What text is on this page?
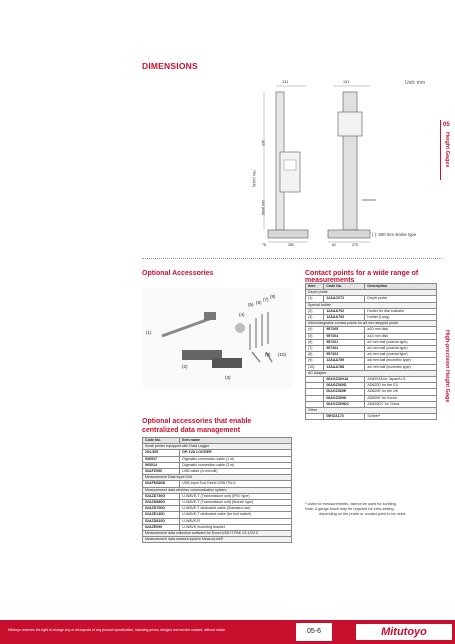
DIMENSIONS
Unit: mm
05
Height Gages
High-precision Height Gage
131	131
784 (1416)
115
203 (630)
78	280	62	270
( ): 600 mm stroke type
Optional Accessories
(1)
(2)
(3)
(4)
(5) (6)
(7)
(8)
(9) (10)
Contact points for a wide range of measurements
Item	Code No.	Description
Depth probe		
(1)	12AAC072	Depth probe
Special holder		
(2)	12AAA792	Holder for dial indicator
(3)	12AAA793	Holder (Long)
Interchangeable contact points for ø5 mm stepped probe		
(4)	957265	ø20 mm disk
(5)	957264	ø14 mm disk
(6)	957261	ø2 mm ball (coaxial type)
(7)	957262	ø3 mm ball (coaxial type)
(8)	957263	ø4 mm ball (coaxial type)
(9)	12AAA789	ø6 mm ball (eccentric type)
(10)	12AAA788	ø4 mm ball (eccentric type)
AC Adapter		
	06AGZ369JA	AD620JA for Japan/U.S.
	06AGZ369D	AD620D for the EU
	06AGZ369E	AD620E for the UK
	06AGZ369K	AD620K for Korea
	06AGZ369DC	AD620DC for China
Other		
	05HZA173	Scriber*
* Used for measurements, cannot be used for scribing.
Note: A gauge block may be required for zero-setting
depending on the probe or contact point to be used.
Optional accessories that enable
centralized data management
Code No.	Item name
Small printer equipped with Data Logger	
264-505	DP-1VA LOGGER
936937	Digimatic connection cable (1 m)
965014	Digimatic connection cable (2 m)
06AFZ050	USB cable (A-microB)
Measurement Data Input Unit	
06AFM380D	USB Input Tool Direct USB-ITN-D
Measurement data wireless communication system	
02AZD730G	U-WAVE-T (Transmission unit) (IP67 type)
02AZD880G	U-WAVE-T (Transmission unit) (Buzzer type)
02AZD790D	U-WAVE-T dedicated cable (Standard use)
02AZE140D	U-WAVE-T dedicated cable (for foot switch)
02AZD810D	U-WAVE-R
02AZE090	U-WAVE mounting bracket
Measurement data collection software for Excel USB-IT PAK V2.1/V3.0	
Measurement data network system MeasurLink®	
Mitutoyo reserves the right to change any or all aspects of any product specification, including prices, designs and service content, without notice.	05-6	Mitutoyo
